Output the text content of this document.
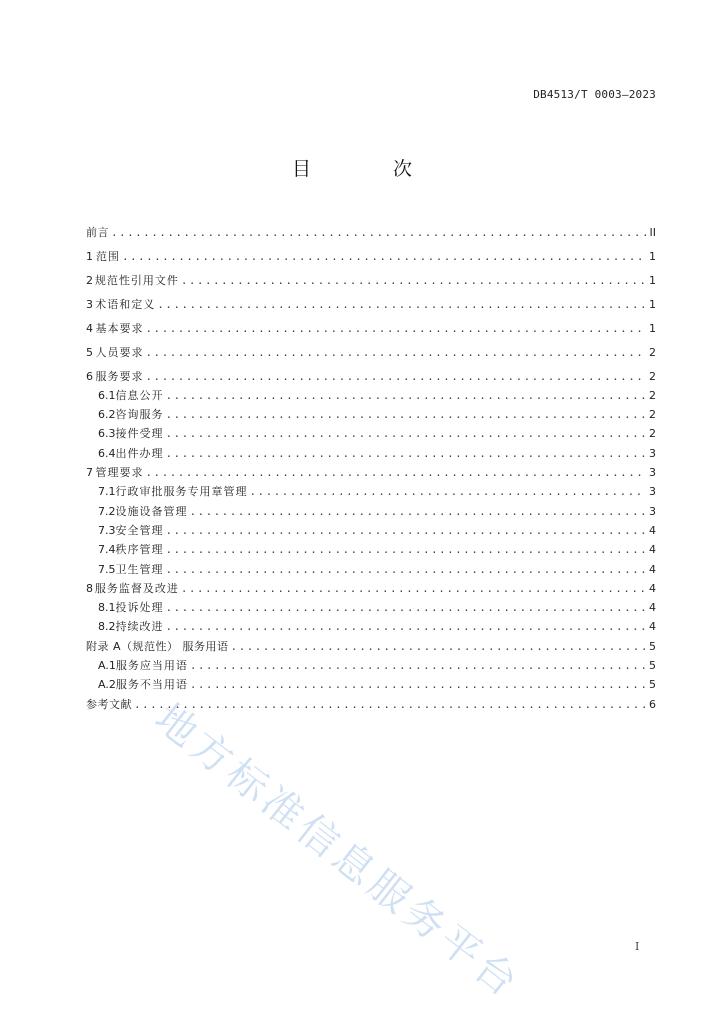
DB4513/T 0003—2023
目 次
前言 . . .	II
1 范围 . . .	1
2 规范性引用文件 . . .	1
3 术语和定义 . . .	1
4 基本要求 . . .	1
5 人员要求 . . .	2
6 服务要求 . . .	2
6.1 信息公开 . . .	2
6.2 咨询服务 . . .	2
6.3 接件受理 . . .	2
6.4 出件办理 . . .	3
7 管理要求 . . .	3
7.1 行政审批服务专用章管理 . . .	3
7.2 设施设备管理 . . .	3
7.3 安全管理 . . .	4
7.4 秩序管理 . . .	4
7.5 卫生管理 . . .	4
8 服务监督及改进 . . .	4
8.1 投诉处理 . . .	4
8.2 持续改进 . . .	4
附录 A（规范性） 服务用语 . . .	5
A.1 服务应当用语 . . .	5
A.2 服务不当用语 . . .	5
参考文献 . . .	6
地方标准信息服务平台	I
